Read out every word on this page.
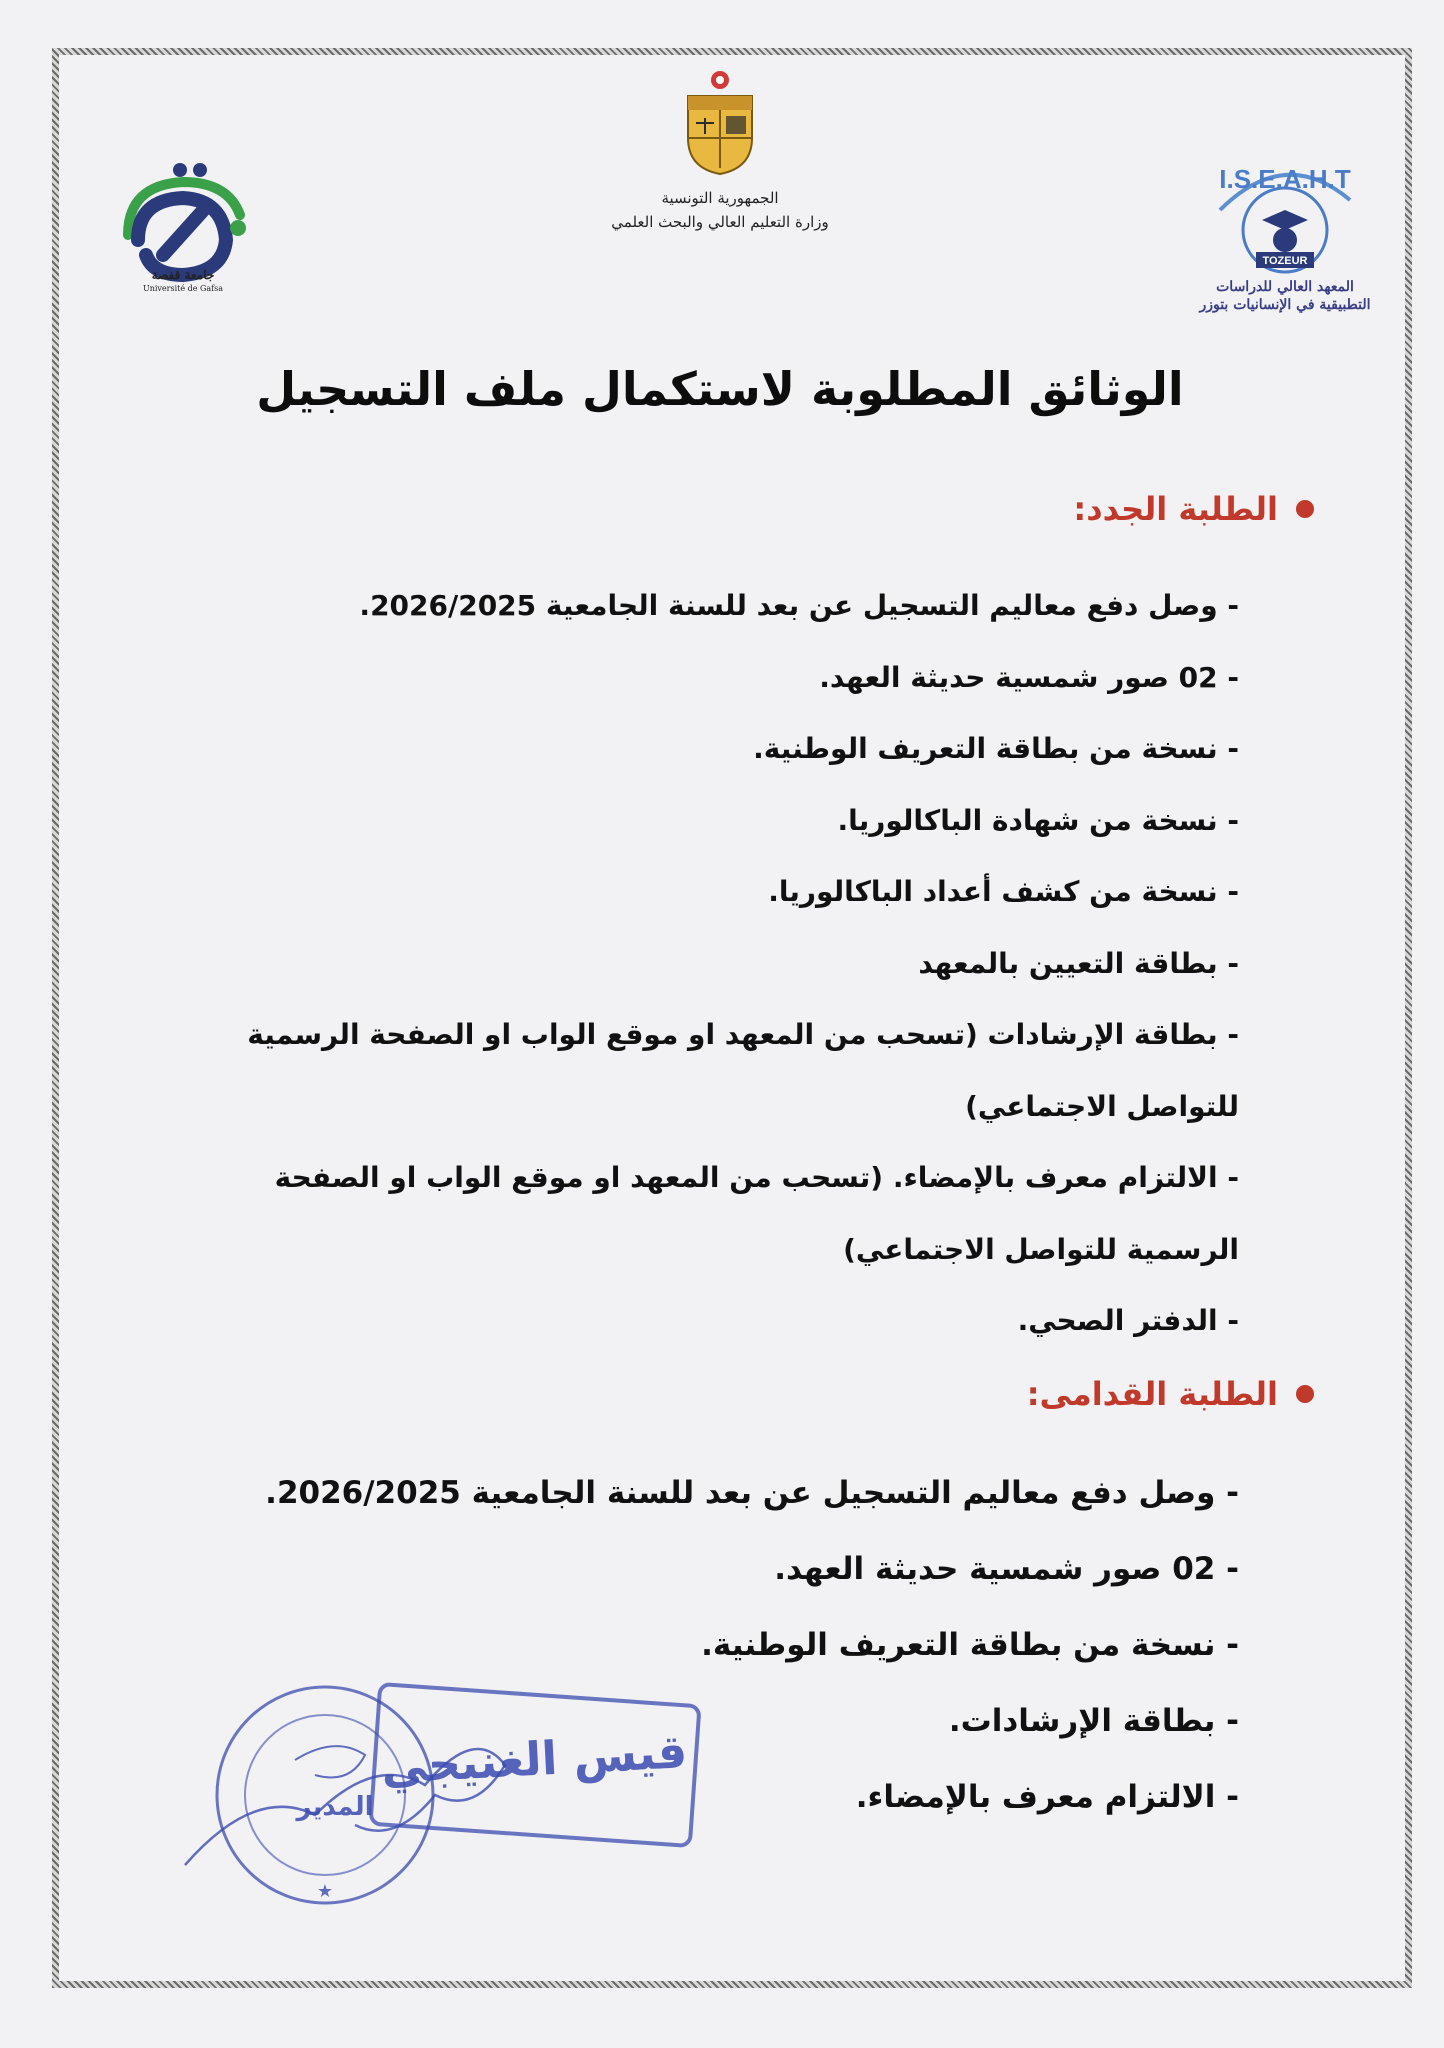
جامعة قفصة
Université de Gafsa
الجمهورية التونسية
وزارة التعليم العالي والبحث العلمي
I.S.E.A.H.T
TOZEUR
المعهد العالي للدراسات
التطبيقية في الإنسانيات بتوزر
الوثائق المطلوبة لاستكمال ملف التسجيل
الطلبة الجدد:
- وصل دفع معاليم التسجيل عن بعد للسنة الجامعية 2026/2025.
- 02 صور شمسية حديثة العهد.
- نسخة من بطاقة التعريف الوطنية.
- نسخة من شهادة الباكالوريا.
- نسخة من كشف أعداد الباكالوريا.
- بطاقة التعيين بالمعهد
- بطاقة الإرشادات (تسحب من المعهد او موقع الواب او الصفحة الرسمية للتواصل الاجتماعي)
- الالتزام معرف بالإمضاء. (تسحب من المعهد او موقع الواب او الصفحة الرسمية للتواصل الاجتماعي)
- الدفتر الصحي.
الطلبة القدامى:
- وصل دفع معاليم التسجيل عن بعد للسنة الجامعية 2026/2025.
- 02 صور شمسية حديثة العهد.
- نسخة من بطاقة التعريف الوطنية.
- بطاقة الإرشادات.
- الالتزام معرف بالإمضاء.
قيس الغنيجي
المدير
★
